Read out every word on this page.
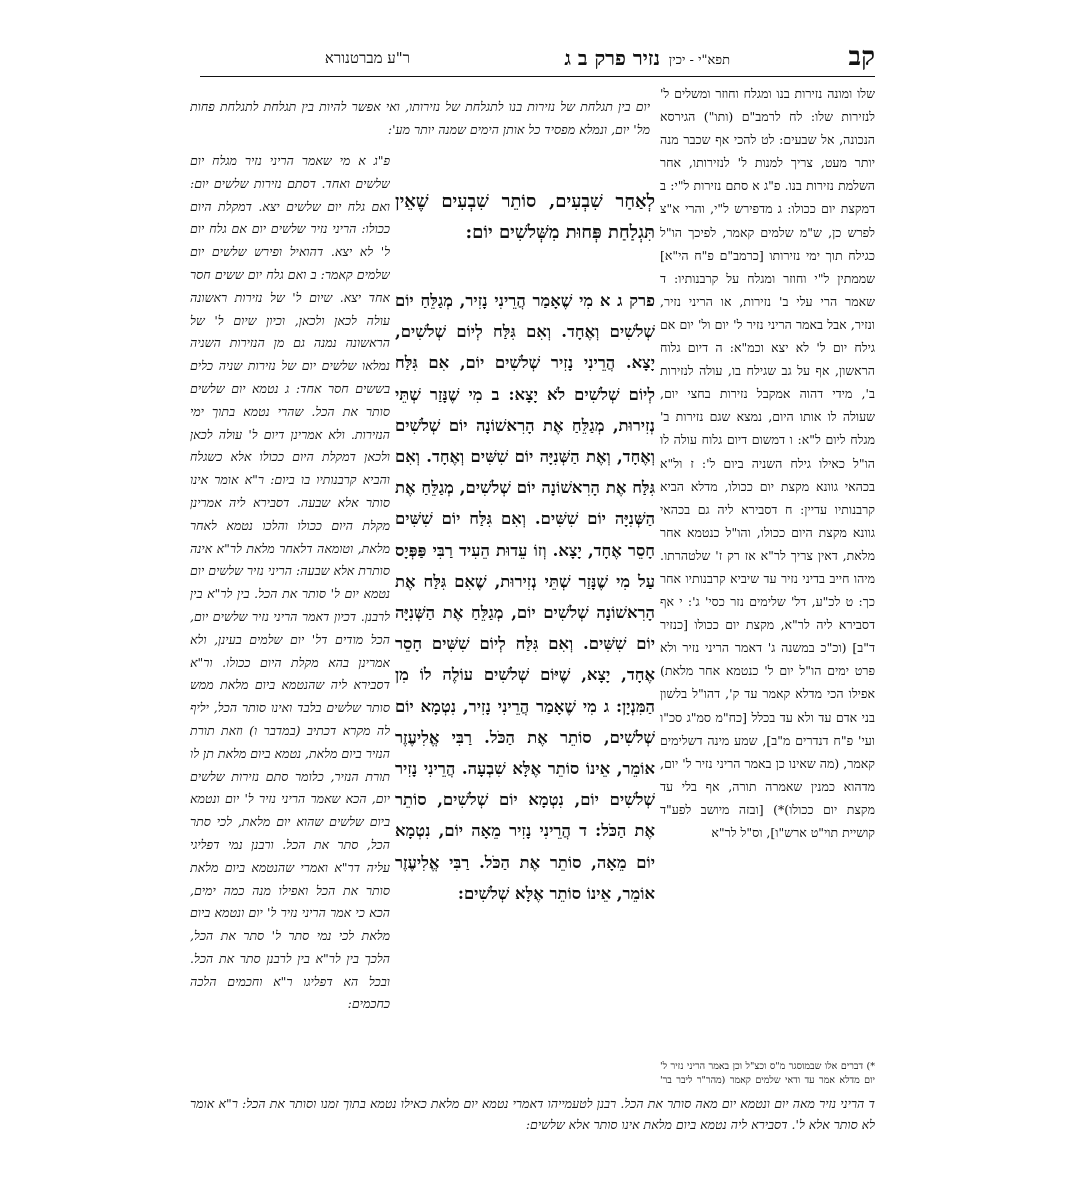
קב
תפא"י - יכין
נזיר פרק ב ג
ר"ע מברטנורא

שלו ומונה נזירות בנו ומגלח וחוזר ומשלים ל' לנזירות שלו: לח לרמב"ם (ותו") הגירסא הנכונה, אל שבעים: לט להכי אף שכבר מנה יותר מעט, צריך למנות ל' לנזירותו, אחר השלמת נזירות בנו. פ"ג א סתם נזירות ל"י: ב דמקצת יום ככולו: ג מדפירש ל"י, והרי א"צ לפרש כן, ש"מ שלמים קאמר, לפיכך הו"ל כגילח תוך ימי נזירותו [כרמב"ם פ"ח הי"א] שממתין ל"י וחוזר ומגלח על קרבנותיו: ד שאמר הרי עלי ב' נזירות, או הריני נזיר, ונזיר, אבל באמר הריני נזיר ל' יום ול' יום אם גילח יום ל' לא יצא וכמ"א: ה דיום גלוח הראשון, אף על גב שגילח בו, עולה לנזירות ב', מידי דהוה אמקבל נזירות בחצי יום, שעולה לו אותו היום, נמצא שגם נזירות ב' מגלח ליום ל"א: ו דמשום דיום גלוח עולה לו הו"ל כאילו גילח השניה ביום ל': ז ול"א בכהאי גוונא מקצת יום ככולו, מדלא הביא קרבנותיו עדיין: ח דסבירא ליה גם בכהאי גוונא מקצת היום ככולו, והו"ל כנטמא אחר מלאת, דאין צריך לר"א אז רק ז' שלטהרתו. מיהו חייב בדיני נזיר עד שיביא קרבנותיו אחר כך: ט לכ"ע, דל' שלימים נזר כסי' ג': י אף דסבירא ליה לר"א, מקצת יום ככולו [כנזיר ד"ב] (וכ"כ במשנה ג' דאמר הריני נזיר ולא פרט ימים הו"ל יום ל' כנטמא אחר מלאת) אפילו הכי מדלא קאמר עד ק', דהו"ל בלשון בני אדם עד ולא עד בכלל [כח"מ סמ"ג סכ"ו ועי' פ"ח דנדרים מ"ב], שמע מינה דשלימים קאמר, (מה שאינו כן באמר הריני נזיר ל' יום, מדהוא כמנין שאמרה תורה, אף בלי עד מקצת יום ככולו)*) [ובזה מיושב לפע"ד קושיית תוי"ט ארש"ו], וס"ל לר"א

*) דברים אלו שבמוסגר מ"ס וכצ"ל וכן באמר הריני נזיר ל' יום מדלא אמר עד ודאי שלמים קאמר (מהר"ר ליבר בר'

יום בין תגלחת של נזירות בנו לתגלחת של נזירותו, ואי אפשר להיות בין תגלחת לתגלחת פחות מל' יום, ונמלא מפסיד כל אותן הימים שמנה יותר מע':

פ"ג א מי שאמר הריני נזיר מגלח יום שלשים ואחד. דסתם נזירות שלשים יום: ואם גלח יום שלשים יצא. דמקלת היום ככולו: הריני נזיר שלשים יום אם גלח יום ל' לא יצא. דהואיל ופירש שלשים יום שלמים קאמר: ב ואם גלח יום ששים חסר אחד יצא. שיום ל' של נזירות ראשונה עולה לכאן ולכאן, וכיון שיום ל' של הראשונה נמנה גם מן הנזירות השניה נמלאו שלשים יום של נזירות שניה כלים בששים חסר אחד: ג נטמא יום שלשים סותר את הכל. שהרי נטמא בתוך ימי הנזירות. ולא אמרינן דיום ל' עולה לכאן ולכאן דמקלת היום ככולו אלא כשגלח והביא קרבנותיו בו ביום: ר"א אומר אינו סותר אלא שבעה. דסבירא ליה אמרינן מקלת היום ככולו והלכו נטמא לאחר מלאת, וטומאה דלאחר מלאת לר"א אינה סותרת אלא שבעה: הריני נזיר שלשים יום נטמא יום ל' סותר את הכל. בין לר"א בין לרבנן. דכיון דאמר הריני נזיר שלשים יום, הכל מודים דל' יום שלמים בעינן, ולא אמרינן בהא מקלת היום ככולו. ור"א דסבירא ליה שהנטמא ביום מלאת ממש סותר שלשים בלבד ואינו סותר הכל, יליף לה מקרא דכתיב (במדבר ו) וזאת תורת הנזיר ביום מלאת, נטמא ביום מלאת תן לו תורת הנזיר, כלומר סתם נזירות שלשים יום, הכא שאמר הריני נזיר ל' יום ונטמא ביום שלשים שהוא יום מלאת, לכי סתר הכל, סתר את הכל. ורבנן נמי דפליגי עליה דר"א ואמרי שהנטמא ביום מלאת סותר את הכל ואפילו מנה כמה ימים, הכא כי אמר הריני נזיר ל' יום ונטמא ביום מלאת לכי נמי סתר ל' סתר את הכל, הלכך בין לר"א בין לרבנן סתר את הכל. ובכל הא דפליגו ר"א וחכמים הלכה כחכמים:

לְאַחַר שִׁבְעִים, סוֹתֵר שִׁבְעִים שֶׁאֵין תִּגְלַחַת פְּחוּת מִשְּׁלשִׁים יוֹם:

פרק ג א מִי שֶׁאָמַר הֲרֵינִי נָזִיר, מְגַלֵּחַ יוֹם שְׁלשִׁים וְאֶחָד. וְאִם גִּלַּח לְיוֹם שְׁלשִׁים, יָצָא. הֲרֵינִי נָזִיר שְׁלשִׁים יוֹם, אִם גִּלַּח לְיוֹם שְׁלשִׁים לֹא יָצָא: ב מִי שֶׁנָּזַר שְׁתֵּי נְזִירוּת, מְגַלֵּחַ אֶת הָרִאשׁוֹנָה יוֹם שְׁלשִׁים וְאֶחָד, וְאֶת הַשְּׁנִיָּה יוֹם שִׁשִּׁים וְאֶחָד. וְאִם גִּלַּח אֶת הָרִאשׁוֹנָה יוֹם שְׁלשִׁים, מְגַלֵּחַ אֶת הַשְּׁנִיָּה יוֹם שִׁשִּׁים. וְאִם גִּלַּח יוֹם שִׁשִּׁים חָסֵר אֶחָד, יָצָא. וְזוֹ עֵדוּת הֵעִיד רַבִּי פַּפְּיָס עַל מִי שֶׁנָּזַר שְׁתֵּי נְזִירוּת, שֶׁאִם גִּלַּח אֶת הָרִאשׁוֹנָה שְׁלשִׁים יוֹם, מְגַלֵּחַ אֶת הַשְּׁנִיָּה יוֹם שִׁשִּׁים. וְאִם גִּלַּח לְיוֹם שִׁשִּׁים חָסֵר אֶחָד, יָצָא, שֶׁיּוֹם שְׁלשִׁים עוֹלֶה לוֹ מִן הַמִּנְיָן: ג מִי שֶׁאָמַר הֲרֵינִי נָזִיר, נִטְמָא יוֹם שְׁלשִׁים, סוֹתֵר אֶת הַכֹּל. רַבִּי אֱלִיעֶזֶר אוֹמֵר, אֵינוֹ סוֹתֵר אֶלָּא שִׁבְעָה. הֲרֵינִי נָזִיר שְׁלשִׁים יוֹם, נִטְמָא יוֹם שְׁלשִׁים, סוֹתֵר אֶת הַכֹּל: ד הֲרֵינִי נָזִיר מֵאָה יוֹם, נִטְמָא יוֹם מֵאָה, סוֹתֵר אֶת הַכֹּל. רַבִּי אֱלִיעֶזֶר אוֹמֵר, אֵינוֹ סוֹתֵר אֶלָּא שְׁלשִׁים:

ד הריני נזיר מאה יום ונטמא יום מאה סותר את הכל. רבנן לטעמייהו דאמרי נטמא יום מלאת כאילו נטמא בתוך זמנו וסותר את הכל: ר"א אומר לא סותר אלא ל'. דסבירא ליה נטמא ביום מלאת אינו סותר אלא שלשים:
